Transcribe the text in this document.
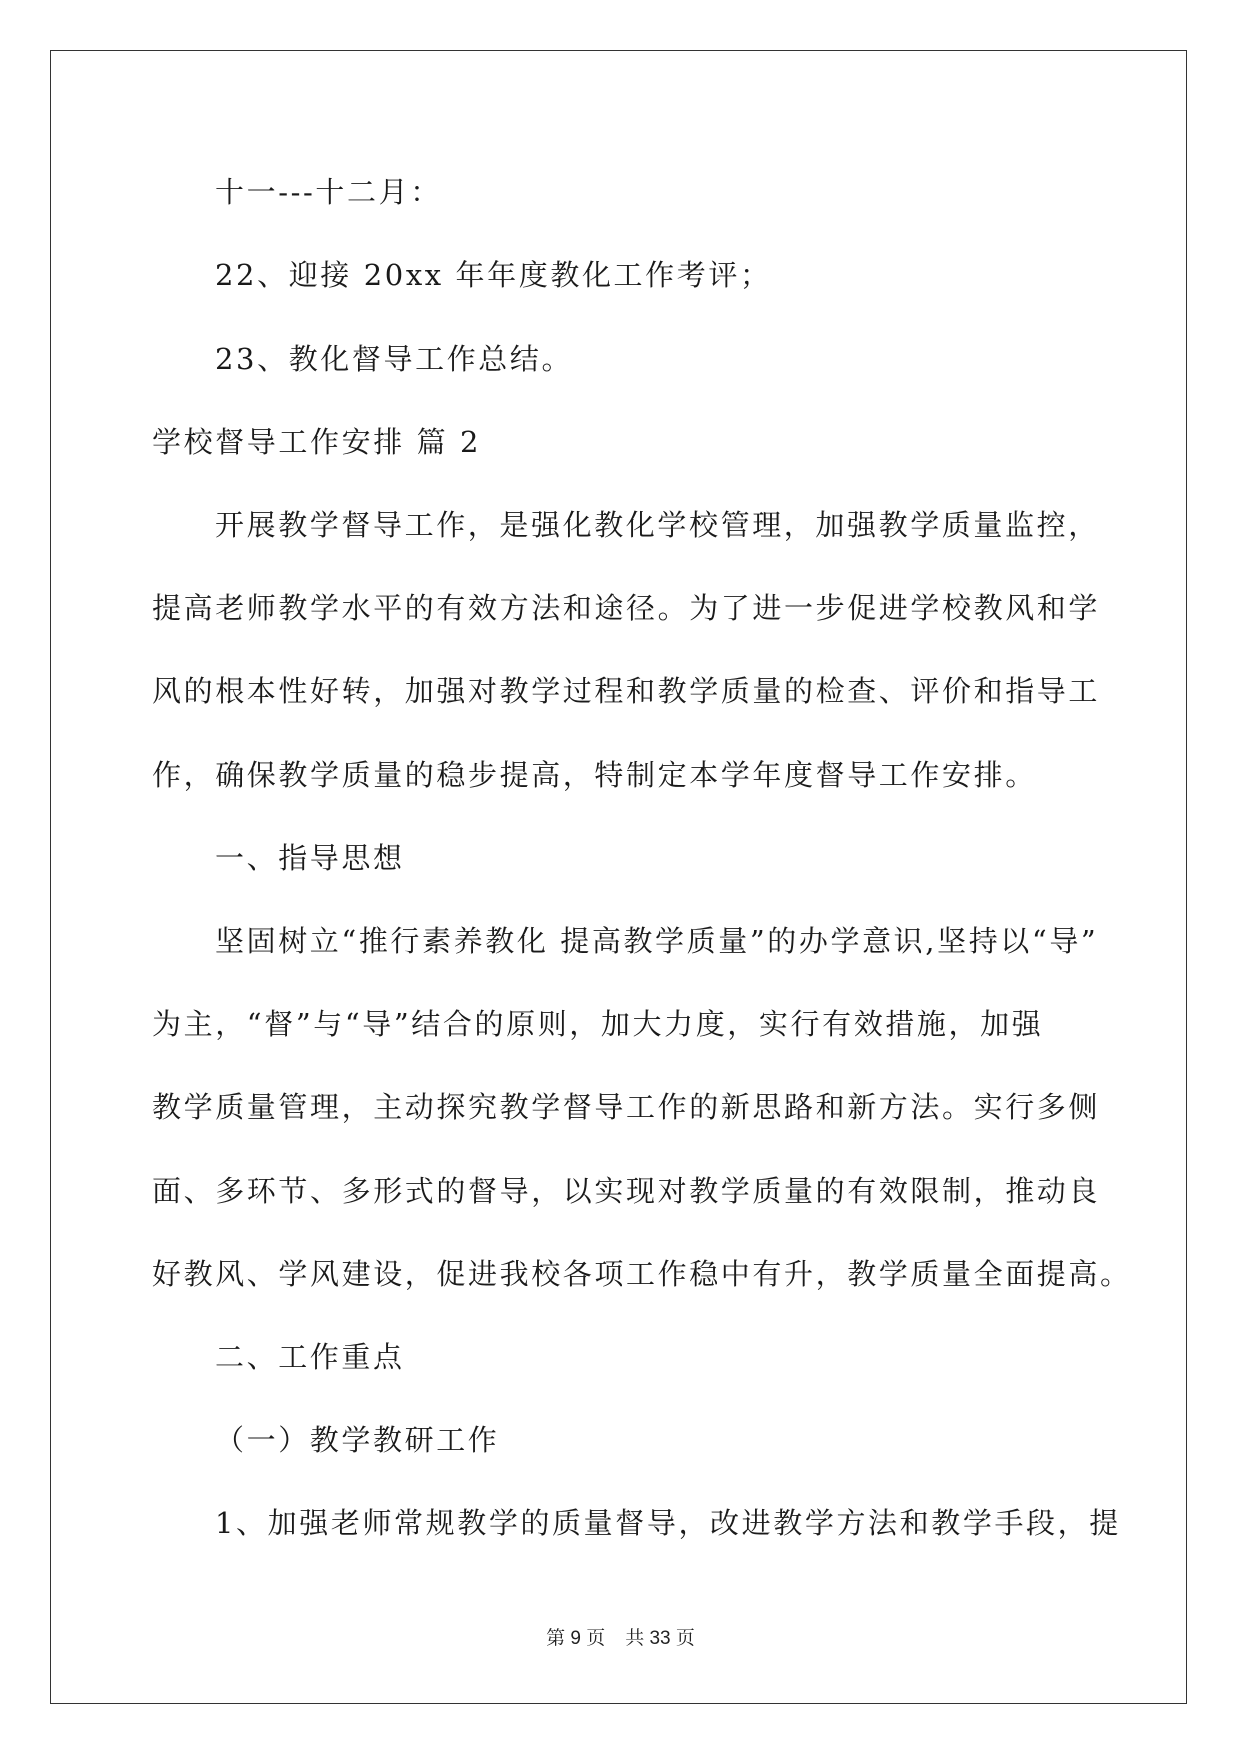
十一---十二月：
22、迎接 20xx 年年度教化工作考评；
23、教化督导工作总结。
学校督导工作安排 篇 2
开展教学督导工作，是强化教化学校管理，加强教学质量监控，
提高老师教学水平的有效方法和途径。为了进一步促进学校教风和学
风的根本性好转，加强对教学过程和教学质量的检查、评价和指导工
作，确保教学质量的稳步提高，特制定本学年度督导工作安排。
一、指导思想
坚固树立“推行素养教化 提高教学质量”的办学意识,坚持以“导”
为主，“督”与“导”结合的原则，加大力度，实行有效措施，加强
教学质量管理，主动探究教学督导工作的新思路和新方法。实行多侧
面、多环节、多形式的督导，以实现对教学质量的有效限制，推动良
好教风、学风建设，促进我校各项工作稳中有升，教学质量全面提高。
二、工作重点
（一）教学教研工作
1、加强老师常规教学的质量督导，改进教学方法和教学手段，提
第 9 页 共 33 页
